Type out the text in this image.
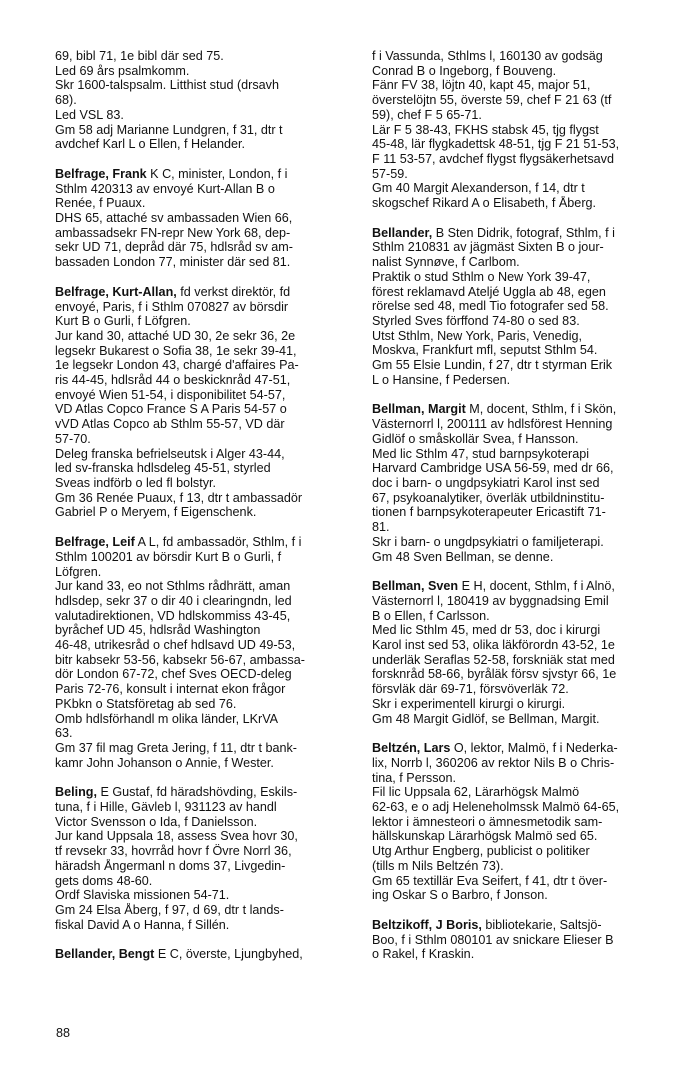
69, bibl 71, 1e bibl där sed 75.
Led 69 års psalmkomm.
Skr 1600-talspsalm. Litthist stud (drsavh
68).
Led VSL 83.
Gm 58 adj Marianne Lundgren, f 31, dtr t
avdchef Karl L o Ellen, f Helander.
Belfrage, Frank K C, minister, London, f i
Sthlm 420313 av envoyé Kurt-Allan B o
Renée, f Puaux.
DHS 65, attaché sv ambassaden Wien 66,
ambassadsekr FN-repr New York 68, dep-
sekr UD 71, depråd där 75, hdlsråd sv am-
bassaden London 77, minister där sed 81.
Belfrage, Kurt-Allan, fd verkst direktör, fd
envoyé, Paris, f i Sthlm 070827 av börsdir
Kurt B o Gurli, f Löfgren.
Jur kand 30, attaché UD 30, 2e sekr 36, 2e
legsekr Bukarest o Sofia 38, 1e sekr 39-41,
1e legsekr London 43, chargé d'affaires Pa-
ris 44-45, hdlsråd 44 o beskicknråd 47-51,
envoyé Wien 51-54, i disponibilitet 54-57,
VD Atlas Copco France S A Paris 54-57 o
vVD Atlas Copco ab Sthlm 55-57, VD där
57-70.
Deleg franska befrielseutsk i Alger 43-44,
led sv-franska hdlsdeleg 45-51, styrled
Sveas indförb o led fl bolstyr.
Gm 36 Renée Puaux, f 13, dtr t ambassadör
Gabriel P o Meryem, f Eigenschenk.
Belfrage, Leif A L, fd ambassadör, Sthlm, f i
Sthlm 100201 av börsdir Kurt B o Gurli, f
Löfgren.
Jur kand 33, eo not Sthlms rådhrätt, aman
hdlsdep, sekr 37 o dir 40 i clearingndn, led
valutadirektionen, VD hdlskommiss 43-45,
byråchef UD 45, hdlsråd Washington
46-48, utrikesråd o chef hdlsavd UD 49-53,
bitr kabsekr 53-56, kabsekr 56-67, ambassa-
dör London 67-72, chef Sves OECD-deleg
Paris 72-76, konsult i internat ekon frågor
PKbkn o Statsföretag ab sed 76.
Omb hdlsförhandl m olika länder, LKrVA
63.
Gm 37 fil mag Greta Jering, f 11, dtr t bank-
kamr John Johanson o Annie, f Wester.
Beling, E Gustaf, fd häradshövding, Eskils-
tuna, f i Hille, Gävleb l, 931123 av handl
Victor Svensson o Ida, f Danielsson.
Jur kand Uppsala 18, assess Svea hovr 30,
tf revsekr 33, hovrråd hovr f Övre Norrl 36,
häradsh Ångermanl n doms 37, Livgedin-
gets doms 48-60.
Ordf Slaviska missionen 54-71.
Gm 24 Elsa Åberg, f 97, d 69, dtr t lands-
fiskal David A o Hanna, f Sillén.
Bellander, Bengt E C, överste, Ljungbyhed,
f i Vassunda, Sthlms l, 160130 av godsäg
Conrad B o Ingeborg, f Bouveng.
Fänr FV 38, löjtn 40, kapt 45, major 51,
överstelöjtn 55, överste 59, chef F 21 63 (tf
59), chef F 5 65-71.
Lär F 5 38-43, FKHS stabsk 45, tjg flygst
45-48, lär flygkadettsk 48-51, tjg F 21 51-53,
F 11 53-57, avdchef flygst flygsäkerhetsavd
57-59.
Gm 40 Margit Alexanderson, f 14, dtr t
skogschef Rikard A o Elisabeth, f Åberg.
Bellander, B Sten Didrik, fotograf, Sthlm, f i
Sthlm 210831 av jägmäst Sixten B o jour-
nalist Synnøve, f Carlbom.
Praktik o stud Sthlm o New York 39-47,
förest reklamavd Ateljé Uggla ab 48, egen
rörelse sed 48, medl Tio fotografer sed 58.
Styrled Sves förffond 74-80 o sed 83.
Utst Sthlm, New York, Paris, Venedig,
Moskva, Frankfurt mfl, seputst Sthlm 54.
Gm 55 Elsie Lundin, f 27, dtr t styrman Erik
L o Hansine, f Pedersen.
Bellman, Margit M, docent, Sthlm, f i Skön,
Västernorrl l, 200111 av hdlsförest Henning
Gidlöf o småskollär Svea, f Hansson.
Med lic Sthlm 47, stud barnpsykoterapi
Harvard Cambridge USA 56-59, med dr 66,
doc i barn- o ungdpsykiatri Karol inst sed
67, psykoanalytiker, överläk utbildninstitu-
tionen f barnpsykoterapeuter Ericastift 71-
81.
Skr i barn- o ungdpsykiatri o familjeterapi.
Gm 48 Sven Bellman, se denne.
Bellman, Sven E H, docent, Sthlm, f i Alnö,
Västernorrl l, 180419 av byggnadsing Emil
B o Ellen, f Carlsson.
Med lic Sthlm 45, med dr 53, doc i kirurgi
Karol inst sed 53, olika läkförordn 43-52, 1e
underläk Seraflas 52-58, forskniäk stat med
forsknråd 58-66, byråläk försv sjvstyr 66, 1e
försvläk där 69-71, försvöverläk 72.
Skr i experimentell kirurgi o kirurgi.
Gm 48 Margit Gidlöf, se Bellman, Margit.
Beltzén, Lars O, lektor, Malmö, f i Nederka-
lix, Norrb l, 360206 av rektor Nils B o Chris-
tina, f Persson.
Fil lic Uppsala 62, Lärarhögsk Malmö
62-63, e o adj Heleneholmssk Malmö 64-65,
lektor i ämnesteori o ämnesmetodik sam-
hällskunskap Lärarhögsk Malmö sed 65.
Utg Arthur Engberg, publicist o politiker
(tills m Nils Beltzén 73).
Gm 65 textillär Eva Seifert, f 41, dtr t över-
ing Oskar S o Barbro, f Jonson.
Beltzikoff, J Boris, bibliotekarie, Saltsjö-
Boo, f i Sthlm 080101 av snickare Elieser B
o Rakel, f Kraskin.
88
